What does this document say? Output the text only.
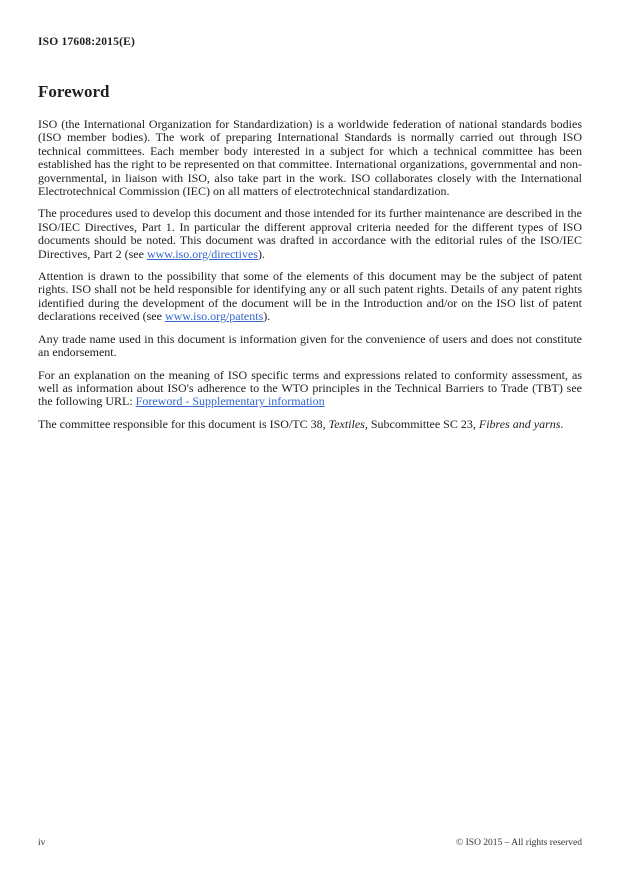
ISO 17608:2015(E)
Foreword

ISO (the International Organization for Standardization) is a worldwide federation of national standards bodies (ISO member bodies). The work of preparing International Standards is normally carried out through ISO technical committees. Each member body interested in a subject for which a technical committee has been established has the right to be represented on that committee. International organizations, governmental and non-governmental, in liaison with ISO, also take part in the work. ISO collaborates closely with the International Electrotechnical Commission (IEC) on all matters of electrotechnical standardization.

The procedures used to develop this document and those intended for its further maintenance are described in the ISO/IEC Directives, Part 1. In particular the different approval criteria needed for the different types of ISO documents should be noted. This document was drafted in accordance with the editorial rules of the ISO/IEC Directives, Part 2 (see www.iso.org/directives).

Attention is drawn to the possibility that some of the elements of this document may be the subject of patent rights. ISO shall not be held responsible for identifying any or all such patent rights. Details of any patent rights identified during the development of the document will be in the Introduction and/or on the ISO list of patent declarations received (see www.iso.org/patents).

Any trade name used in this document is information given for the convenience of users and does not constitute an endorsement.

For an explanation on the meaning of ISO specific terms and expressions related to conformity assessment, as well as information about ISO's adherence to the WTO principles in the Technical Barriers to Trade (TBT) see the following URL: Foreword - Supplementary information

The committee responsible for this document is ISO/TC 38, Textiles, Subcommittee SC 23, Fibres and yarns.

iv	© ISO 2015 – All rights reserved
